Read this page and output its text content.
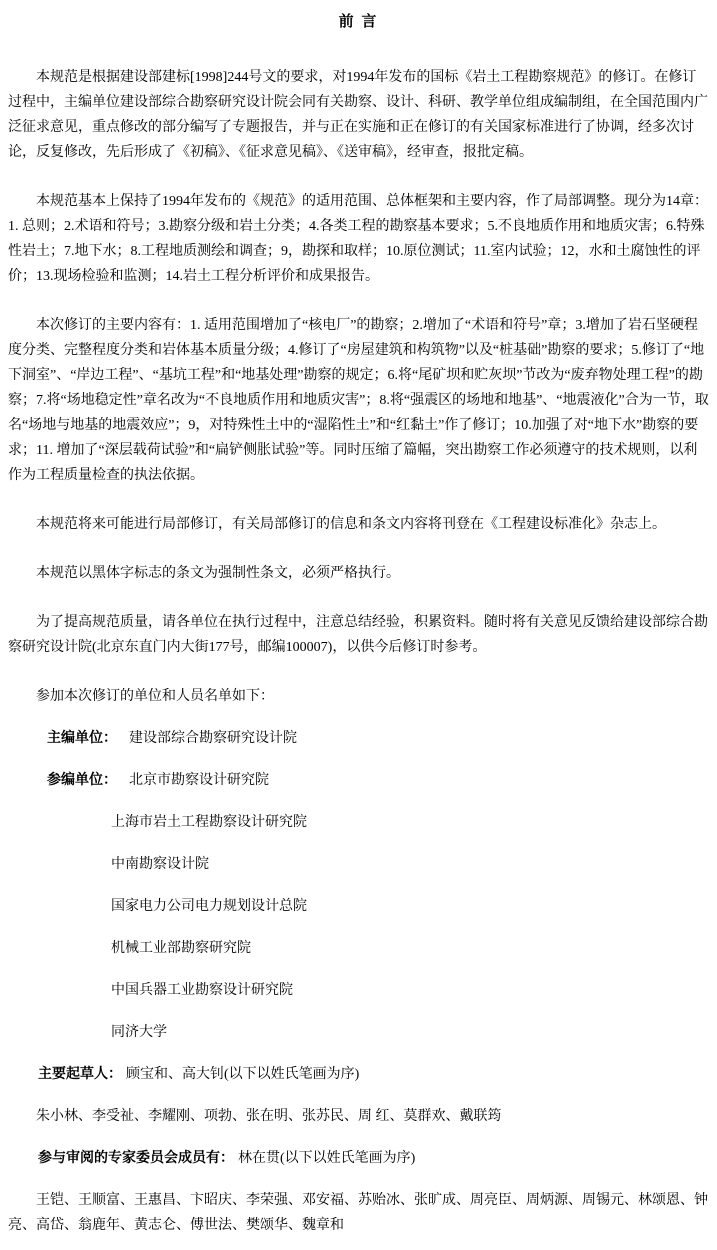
前 言

本规范是根据建设部建标[1998]244号文的要求，对1994年发布的国标《岩土工程勘察规范》的修订。在修订过程中，主编单位建设部综合勘察研究设计院会同有关勘察、设计、科研、教学单位组成编制组，在全国范围内广泛征求意见，重点修改的部分编写了专题报告，并与正在实施和正在修订的有关国家标准进行了协调，经多次讨论，反复修改，先后形成了《初稿》、《征求意见稿》、《送审稿》，经审查，报批定稿。

本规范基本上保持了1994年发布的《规范》的适用范围、总体框架和主要内容，作了局部调整。现分为14章：1. 总则；2.术语和符号；3.勘察分级和岩土分类；4.各类工程的勘察基本要求；5.不良地质作用和地质灾害；6.特殊性岩土；7.地下水；8.工程地质测绘和调查；9，勘探和取样；10.原位测试；11.室内试验；12，水和土腐蚀性的评价；13.现场检验和监测；14.岩土工程分析评价和成果报告。

本次修订的主要内容有：1. 适用范围增加了“核电厂”的勘察；2.增加了“术语和符号”章；3.增加了岩石坚硬程度分类、完整程度分类和岩体基本质量分级；4.修订了“房屋建筑和构筑物”以及“桩基础”勘察的要求；5.修订了“地下洞室”、“岸边工程”、“基坑工程”和“地基处理”勘察的规定；6.将“尾矿坝和贮灰坝”节改为“废弃物处理工程”的勘察；7.将“场地稳定性”章名改为“不良地质作用和地质灾害”；8.将“强震区的场地和地基”、“地震液化”合为一节，取名“场地与地基的地震效应”；9，对特殊性土中的“湿陷性土”和“红黏土”作了修订；10.加强了对“地下水”勘察的要求；11. 增加了“深层载荷试验”和“扁铲侧胀试验”等。同时压缩了篇幅，突出勘察工作必须遵守的技术规则，以利作为工程质量检查的执法依据。

本规范将来可能进行局部修订，有关局部修订的信息和条文内容将刊登在《工程建设标准化》杂志上。

本规范以黑体字标志的条文为强制性条文，必须严格执行。

为了提高规范质量，请各单位在执行过程中，注意总结经验，积累资料。随时将有关意见反馈给建设部综合勘察研究设计院(北京东直门内大街177号，邮编100007)，以供今后修订时参考。

参加本次修订的单位和人员名单如下：

主编单位： 建设部综合勘察研究设计院

参编单位： 北京市勘察设计研究院

上海市岩土工程勘察设计研究院

中南勘察设计院

国家电力公司电力规划设计总院

机械工业部勘察研究院

中国兵器工业勘察设计研究院

同济大学

主要起草人： 顾宝和、高大钊(以下以姓氏笔画为序)

朱小林、李受祉、李耀刚、项勃、张在明、张苏民、周 红、莫群欢、戴联筠

参与审阅的专家委员会成员有： 林在贯(以下以姓氏笔画为序)

王铠、王顺富、王惠昌、卞昭庆、李荣强、邓安福、苏贻冰、张旷成、周亮臣、周炳源、周锡元、林颂恩、钟亮、高岱、翁鹿年、黄志仑、傅世法、樊颂华、魏章和
